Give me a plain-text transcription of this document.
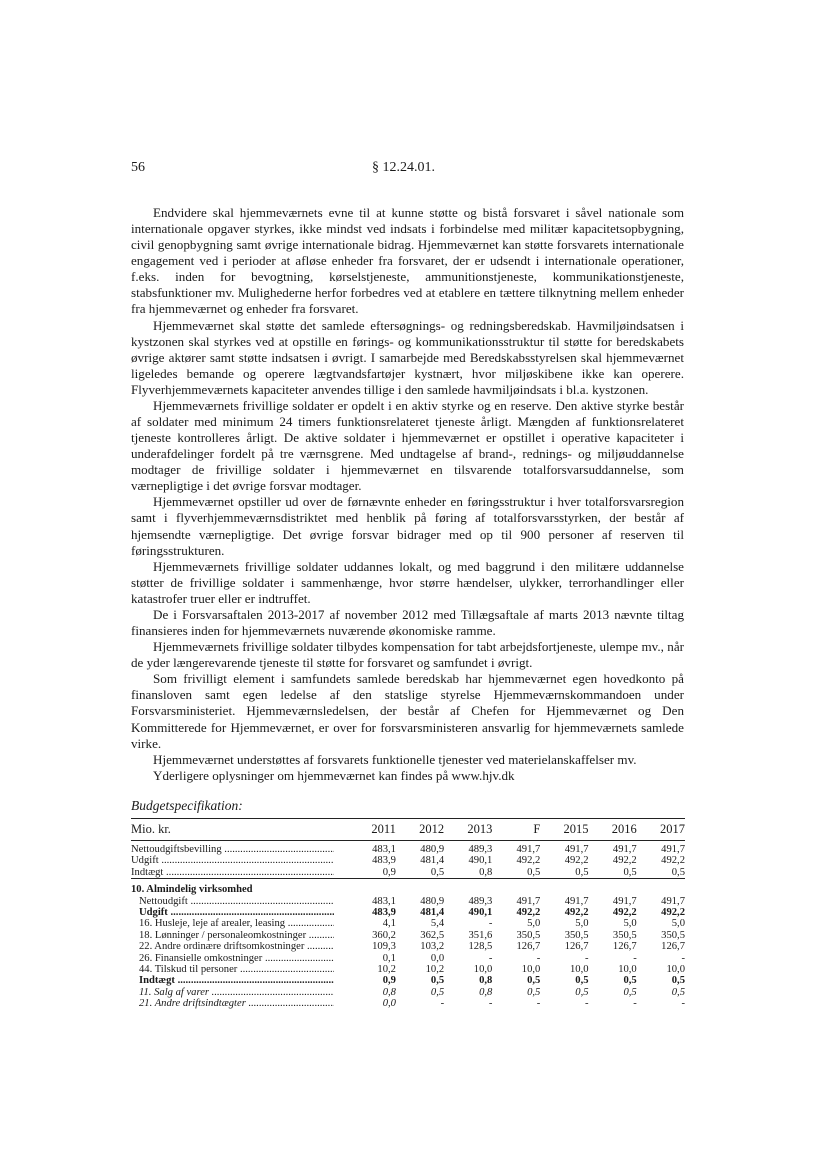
56	§ 12.24.01.

Endvidere skal hjemmeværnets evne til at kunne støtte og bistå forsvaret i såvel nationale som internationale opgaver styrkes, ikke mindst ved indsats i forbindelse med militær kapacitetsopbygning, civil genopbygning samt øvrige internationale bidrag. Hjemmeværnet kan støtte forsvarets internationale engagement ved i perioder at afløse enheder fra forsvaret, der er udsendt i internationale operationer, f.eks. inden for bevogtning, kørselstjeneste, ammunitionstjeneste, kommunikationstjeneste, stabsfunktioner mv. Mulighederne herfor forbedres ved at etablere en tættere tilknytning mellem enheder fra hjemmeværnet og enheder fra forsvaret.

Hjemmeværnet skal støtte det samlede eftersøgnings- og redningsberedskab. Havmiljøindsatsen i kystzonen skal styrkes ved at opstille en førings- og kommunikationsstruktur til støtte for beredskabets øvrige aktører samt støtte indsatsen i øvrigt. I samarbejde med Beredskabsstyrelsen skal hjemmeværnet ligeledes bemande og operere lægtvandsfartøjer kystnært, hvor miljøskibene ikke kan operere. Flyverhjemmeværnets kapaciteter anvendes tillige i den samlede havmiljøindsats i bl.a. kystzonen.

Hjemmeværnets frivillige soldater er opdelt i en aktiv styrke og en reserve. Den aktive styrke består af soldater med minimum 24 timers funktionsrelateret tjeneste årligt. Mængden af funktionsrelateret tjeneste kontrolleres årligt. De aktive soldater i hjemmeværnet er opstillet i operative kapaciteter i underafdelinger fordelt på tre værnsgrene. Med undtagelse af brand-, rednings- og miljøuddannelse modtager de frivillige soldater i hjemmeværnet en tilsvarende totalforsvarsuddannelse, som værnepligtige i det øvrige forsvar modtager.

Hjemmeværnet opstiller ud over de førnævnte enheder en føringsstruktur i hver totalforsvarsregion samt i flyverhjemmeværnsdistriktet med henblik på føring af totalforsvarsstyrken, der består af hjemsendte værnepligtige. Det øvrige forsvar bidrager med op til 900 personer af reserven til føringsstrukturen.

Hjemmeværnets frivillige soldater uddannes lokalt, og med baggrund i den militære uddannelse støtter de frivillige soldater i sammenhænge, hvor større hændelser, ulykker, terrorhandlinger eller katastrofer truer eller er indtruffet.

De i Forsvarsaftalen 2013-2017 af november 2012 med Tillægsaftale af marts 2013 nævnte tiltag finansieres inden for hjemmeværnets nuværende økonomiske ramme.

Hjemmeværnets frivillige soldater tilbydes kompensation for tabt arbejdsfortjeneste, ulempe mv., når de yder længerevarende tjeneste til støtte for forsvaret og samfundet i øvrigt.

Som frivilligt element i samfundets samlede beredskab har hjemmeværnet egen hovedkonto på finansloven samt egen ledelse af den statslige styrelse Hjemmeværnskommandoen under Forsvarsministeriet. Hjemmeværnsledelsen, der består af Chefen for Hjemmeværnet og Den Kommitterede for Hjemmeværnet, er over for forsvarsministeren ansvarlig for hjemmeværnets samlede virke.

Hjemmeværnet understøttes af forsvarets funktionelle tjenester ved materielanskaffelser mv.

Yderligere oplysninger om hjemmeværnet kan findes på www.hjv.dk

Budgetspecifikation:
Mio. kr.	2011	2012	2013	F	2015	2016	2017

Nettoudgiftsbevilling .....	483,1	480,9	489,3	491,7	491,7	491,7	491,7

Udgift .....	483,9	481,4	490,1	492,2	492,2	492,2	492,2

Indtægt .....	0,9	0,5	0,8	0,5	0,5	0,5	0,5
10. Almindelig virksomhed							

Nettoudgift .....	483,1	480,9	489,3	491,7	491,7	491,7	491,7

Udgift .....	483,9	481,4	490,1	492,2	492,2	492,2	492,2

16. Husleje, leje af arealer, leasing .....	4,1	5,4	-	5,0	5,0	5,0	5,0

18. Lønninger / personaleomkostninger .....	360,2	362,5	351,6	350,5	350,5	350,5	350,5

22. Andre ordinære driftsomkostninger .....	109,3	103,2	128,5	126,7	126,7	126,7	126,7

26. Finansielle omkostninger .....	0,1	0,0	-	-	-	-	-

44. Tilskud til personer .....	10,2	10,2	10,0	10,0	10,0	10,0	10,0

Indtægt .....	0,9	0,5	0,8	0,5	0,5	0,5	0,5

11. Salg af varer .....	0,8	0,5	0,8	0,5	0,5	0,5	0,5

21. Andre driftsindtægter .....	0,0	-	-	-	-	-	-
